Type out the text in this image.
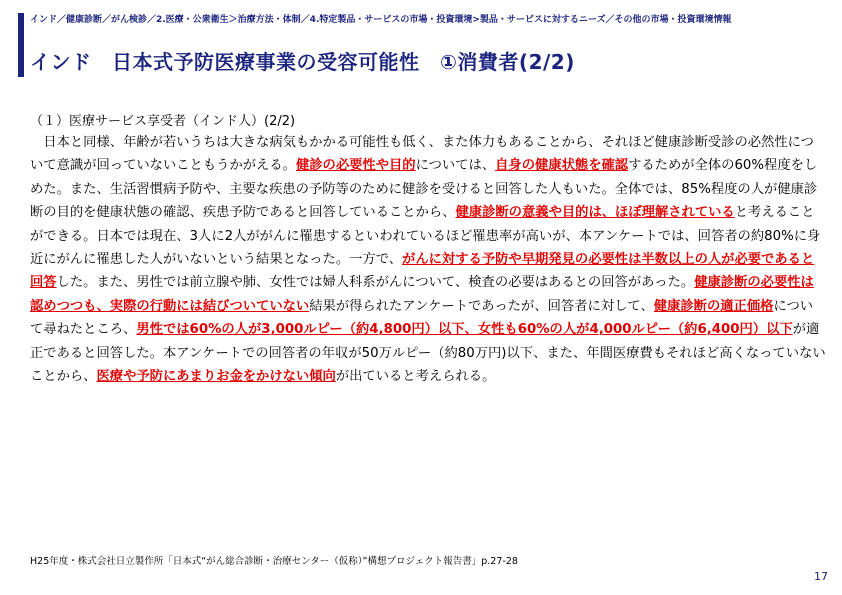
インド／健康診断／がん検診／2.医療・公衆衛生＞治療方法・体制／4.特定製品・サービスの市場・投資環境>製品・サービスに対するニーズ／その他の市場・投資環境情報
インド　日本式予防医療事業の受容可能性　①消費者(2/2)
（１）医療サービス享受者（インド人）(2/2)

日本と同様、年齢が若いうちは大きな病気もかかる可能性も低く、また体力もあることから、それほど健康診断受診の必然性について意識が回っていないこともうかがえる。健診の必要性や目的については、自身の健康状態を確認するためが全体の60%程度をしめた。また、生活習慣病予防や、主要な疾患の予防等のために健診を受けると回答した人もいた。全体では、85%程度の人が健康診断の目的を健康状態の確認、疾患予防であると回答していることから、健康診断の意義や目的は、ほぼ理解されていると考えることができる。日本では現在、3人に2人ががんに罹患するといわれているほど罹患率が高いが、本アンケートでは、回答者の約80%に身近にがんに罹患した人がいないという結果となった。一方で、がんに対する予防や早期発見の必要性は半数以上の人が必要であると回答した。また、男性では前立腺や肺、女性では婦人科系がんについて、検査の必要はあるとの回答があった。健康診断の必要性は認めつつも、実際の行動には結びついていない結果が得られたアンケートであったが、回答者に対して、健康診断の適正価格について尋ねたところ、男性では60%の人が3,000ルピー（約4,800円）以下、女性も60%の人が4,000ルピー（約6,400円）以下が適正であると回答した。本アンケートでの回答者の年収が50万ルピー（約80万円)以下、また、年間医療費もそれほど高くなっていないことから、医療や予防にあまりお金をかけない傾向が出ていると考えられる。

H25年度・株式会社日立製作所「日本式“がん総合診断・治療センター（仮称）”構想プロジェクト報告書」p.27-28
17
